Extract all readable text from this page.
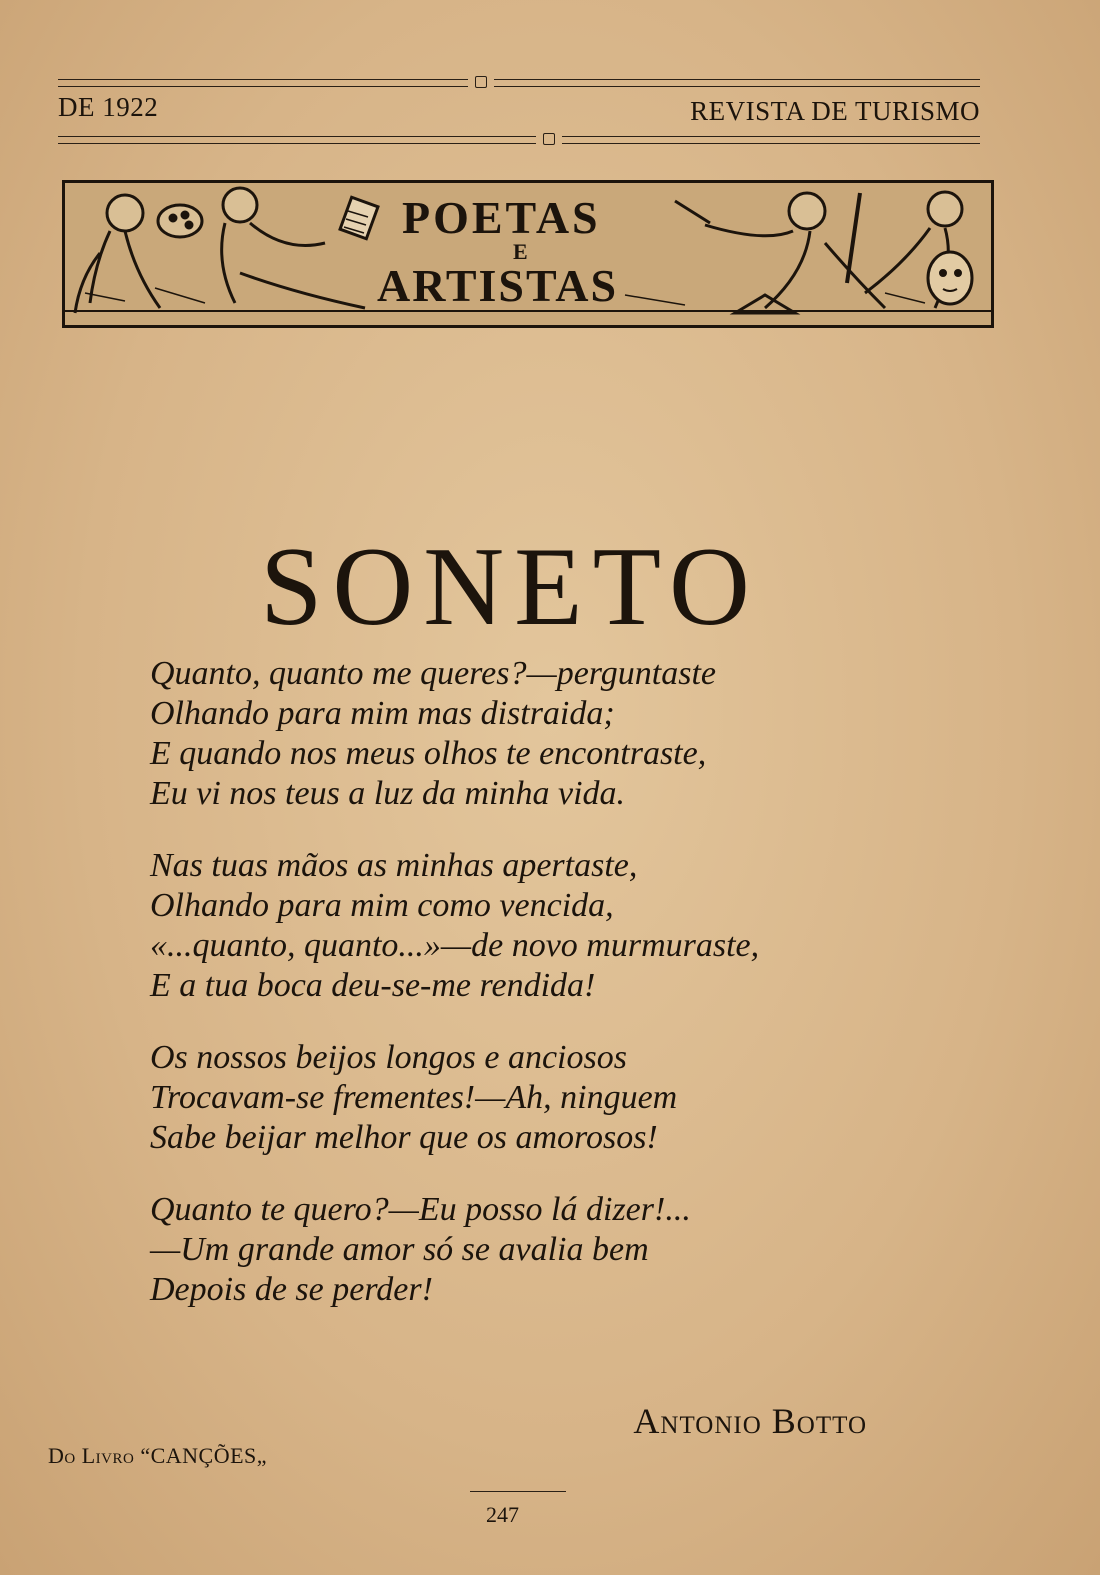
DE 1922	REVISTA DE TURISMO
POETAS
E
ARTISTAS
SONETO
Quanto, quanto me queres?—perguntaste
Olhando para mim mas distraida;
E quando nos meus olhos te encontraste,
Eu vi nos teus a luz da minha vida.
Nas tuas mãos as minhas apertaste,
Olhando para mim como vencida,
«...quanto, quanto...»—de novo murmuraste,
E a tua boca deu-se-me rendida!
Os nossos beijos longos e anciosos
Trocavam-se frementes!—Ah, ninguem
Sabe beijar melhor que os amorosos!
Quanto te quero?—Eu posso lá dizer!...
—Um grande amor só se avalia bem
Depois de se perder!
Antonio Botto
Do Livro “CANÇÕES„
247
